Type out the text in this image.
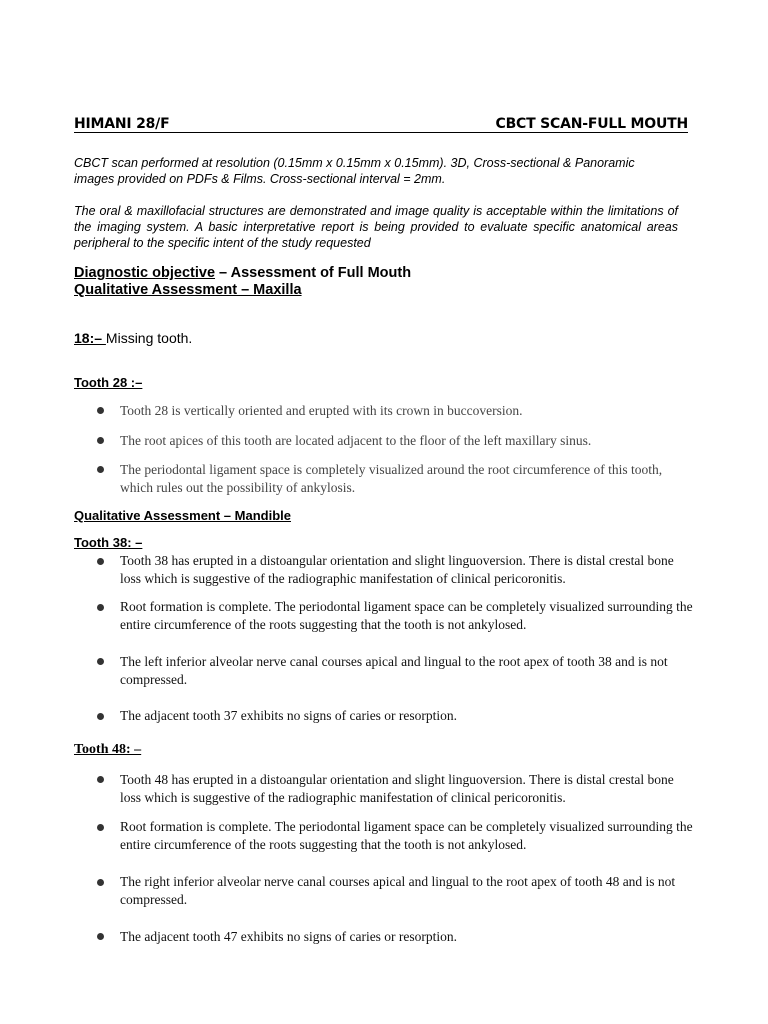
HIMANI 28/F	CBCT SCAN-FULL MOUTH
CBCT scan performed at resolution (0.15mm x 0.15mm x 0.15mm). 3D, Cross-sectional & Panoramic images provided on PDFs & Films. Cross-sectional interval = 2mm.
The oral & maxillofacial structures are demonstrated and image quality is acceptable within the limitations of the imaging system. A basic interpretative report is being provided to evaluate specific anatomical areas peripheral to the specific intent of the study requested
Diagnostic objective – Assessment of Full Mouth
Qualitative Assessment – Maxilla
18:– Missing tooth.
Tooth 28 :–
Tooth 28 is vertically oriented and erupted with its crown in buccoversion.
The root apices of this tooth are located adjacent to the floor of the left maxillary sinus.
The periodontal ligament space is completely visualized around the root circumference of this tooth, which rules out the possibility of ankylosis.
Qualitative Assessment – Mandible
Tooth 38: –
Tooth 38 has erupted in a distoangular orientation and slight linguoversion. There is distal crestal bone loss which is suggestive of the radiographic manifestation of clinical pericoronitis.
Root formation is complete. The periodontal ligament space can be completely visualized surrounding the entire circumference of the roots suggesting that the tooth is not ankylosed.
The left inferior alveolar nerve canal courses apical and lingual to the root apex of tooth 38 and is not compressed.
The adjacent tooth 37 exhibits no signs of caries or resorption.
Tooth 48: –
Tooth 48 has erupted in a distoangular orientation and slight linguoversion. There is distal crestal bone loss which is suggestive of the radiographic manifestation of clinical pericoronitis.
Root formation is complete. The periodontal ligament space can be completely visualized surrounding the entire circumference of the roots suggesting that the tooth is not ankylosed.
The right inferior alveolar nerve canal courses apical and lingual to the root apex of tooth 48 and is not compressed.
The adjacent tooth 47 exhibits no signs of caries or resorption.
